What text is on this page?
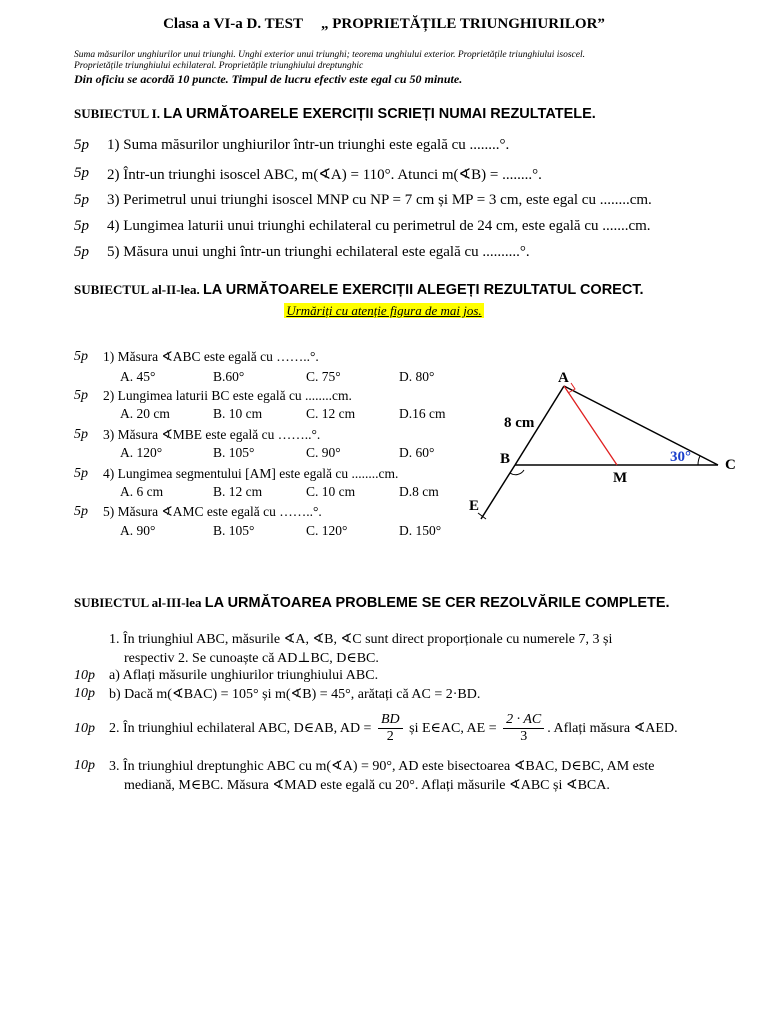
Clasa a VI-a D. TEST „ PROPRIETĂȚILE TRIUNGHIURILOR”
Suma măsurilor unghiurilor unui triunghi. Unghi exterior unui triunghi; teorema unghiului exterior. Proprietățile triunghiului isoscel.
Proprietățile triunghiului echilateral. Proprietățile triunghiului dreptunghic
Din oficiu se acordă 10 puncte. Timpul de lucru efectiv este egal cu 50 minute.
SUBIECTUL I. LA URMĂTOARELE EXERCIȚII SCRIEȚI NUMAI REZULTATELE.
5p 1) Suma măsurilor unghiurilor într-un triunghi este egală cu ........°.
5p 2) Într-un triunghi isoscel ABC, m(∢A) = 110°. Atunci m(∢B) = ........°.
5p 3) Perimetrul unui triunghi isoscel MNP cu NP = 7 cm și MP = 3 cm, este egal cu ........cm.
5p 4) Lungimea laturii unui triunghi echilateral cu perimetrul de 24 cm, este egală cu .......cm.
5p 5) Măsura unui unghi într-un triunghi echilateral este egală cu ..........°.
SUBIECTUL al-II-lea. LA URMĂTOARELE EXERCIȚII ALEGEȚI REZULTATUL CORECT.
Urmăriți cu atenție figura de mai jos.
5p 1) Măsura ∢ABC este egală cu ……..°.
A. 45°	B.60°	C. 75°	D. 80°
5p 2) Lungimea laturii BC este egală cu ........cm.
A. 20 cm	B. 10 cm	C. 12 cm	D.16 cm
5p 3) Măsura ∢MBE este egală cu ……..°.
A. 120°	B. 105°	C. 90°	D. 60°
5p 4) Lungimea segmentului [AM] este egală cu ........cm.
A. 6 cm	B. 12 cm	C. 10 cm	D.8 cm
5p 5) Măsura ∢AMC este egală cu ……..°.
A. 90°	B. 105°	C. 120°	D. 150°
A
B	C
M
E
8 cm
30°
SUBIECTUL al-III-lea LA URMĂTOAREA PROBLEME SE CER REZOLVĂRILE COMPLETE.
1. În triunghiul ABC, măsurile ∢A, ∢B, ∢C sunt direct proporționale cu numerele 7, 3 și
respectiv 2. Se cunoaște că AD⊥BC, D∈BC.
10p a) Aflați măsurile unghiurilor triunghiului ABC.
10p b) Dacă m(∢BAC) = 105° și m(∢B) = 45°, arătați că AC = 2·BD.
10p 2. În triunghiul echilateral ABC, D∈AB, AD = $\frac{BD}{2}$ și E∈AC, AE = $\frac{2 \cdot AC}{3}$ . Aflați măsura ∢AED.
10p 3. În triunghiul dreptunghic ABC cu m(∢A) = 90°, AD este bisectoarea ∢BAC, D∈BC, AM este
mediană, M∈BC. Măsura ∢MAD este egală cu 20°. Aflați măsurile ∢ABC și ∢BCA.
